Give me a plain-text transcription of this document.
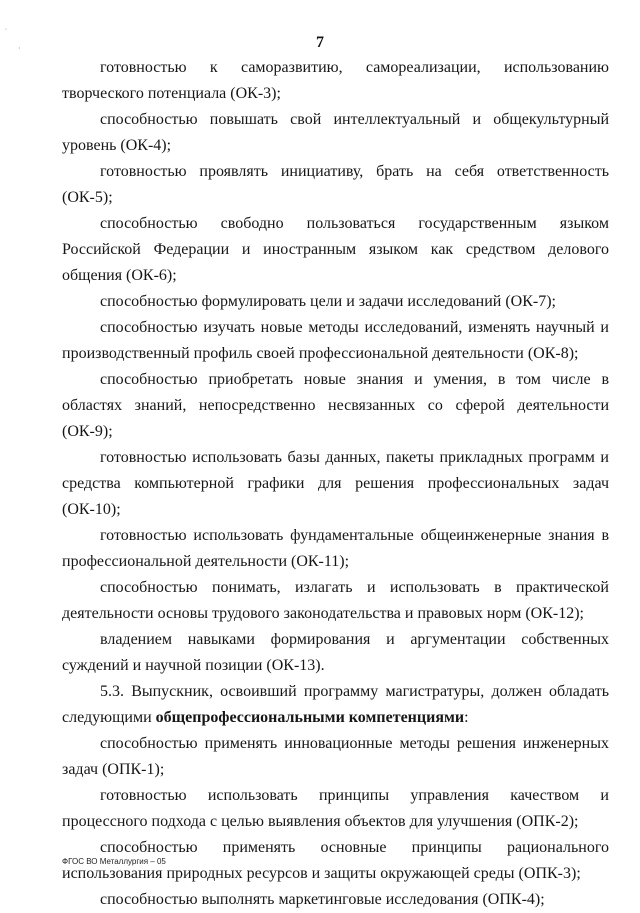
˙
·	7

готовностью к саморазвитию, самореализации, использованию творческого потенциала (ОК-3);

способностью повышать свой интеллектуальный и общекультурный уровень (ОК-4);

готовностью проявлять инициативу, брать на себя ответственность (ОК-5);

способностью свободно пользоваться государственным языком Российской Федерации и иностранным языком как средством делового общения (ОК-6);

способностью формулировать цели и задачи исследований (ОК-7);

способностью изучать новые методы исследований, изменять научный и производственный профиль своей профессиональной деятельности (ОК-8);

способностью приобретать новые знания и умения, в том числе в областях знаний, непосредственно несвязанных со сферой деятельности (ОК-9);

готовностью использовать базы данных, пакеты прикладных программ и средства компьютерной графики для решения профессиональных задач (ОК-10);

готовностью использовать фундаментальные общеинженерные знания в профессиональной деятельности (ОК-11);

способностью понимать, излагать и использовать в практической деятельности основы трудового законодательства и правовых норм (ОК-12);

владением навыками формирования и аргументации собственных суждений и научной позиции (ОК-13).

5.3. Выпускник, освоивший программу магистратуры, должен обладать следующими общепрофессиональными компетенциями:

способностью применять инновационные методы решения инженерных задач (ОПК-1);

готовностью использовать принципы управления качеством и процессного подхода с целью выявления объектов для улучшения (ОПК-2);

способностью применять основные принципы рационального использования природных ресурсов и защиты окружающей среды (ОПК-3);

способностью выполнять маркетинговые исследования (ОПК-4);

ФГОС ВО Металлургия – 05
